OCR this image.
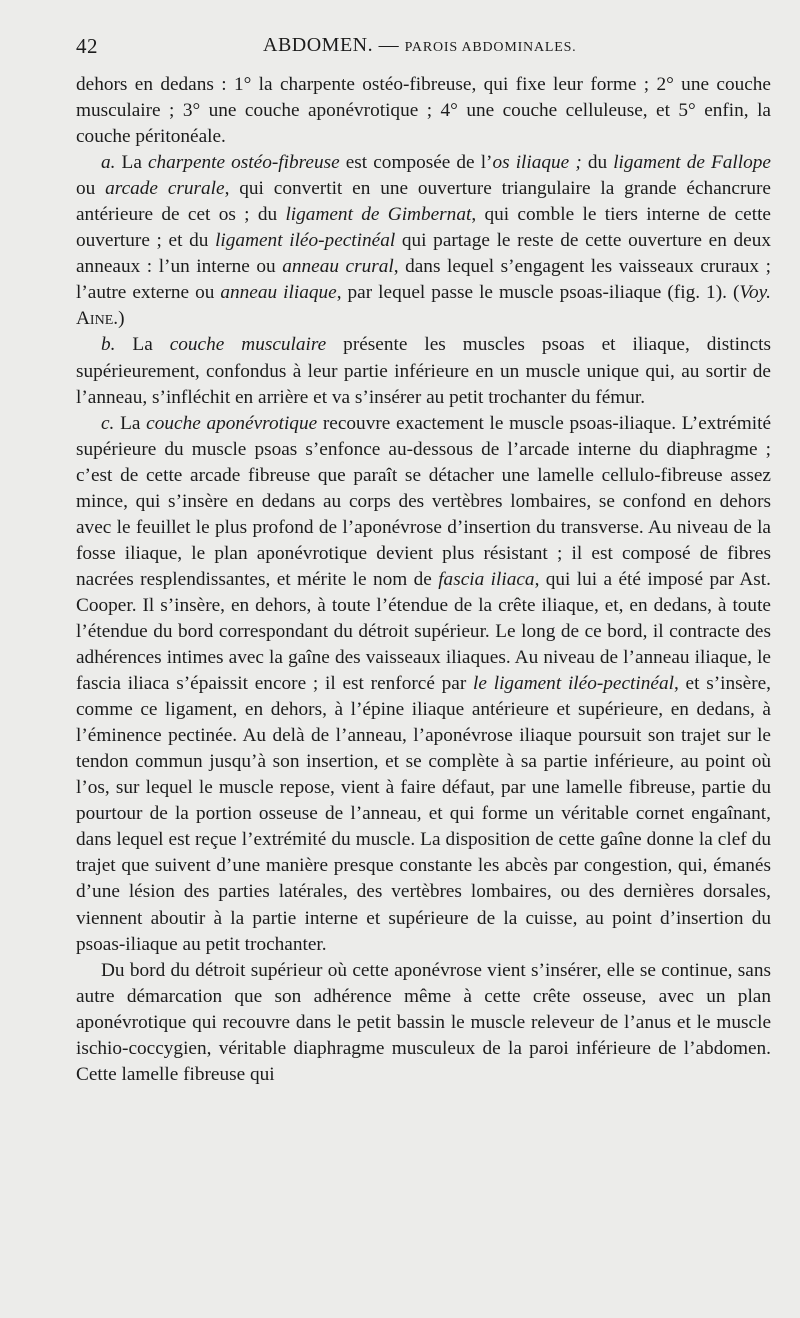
42	ABDOMEN. — PAROIS ABDOMINALES.

dehors en dedans : 1° la charpente ostéo-fibreuse, qui fixe leur forme ; 2° une couche musculaire ; 3° une couche aponévrotique ; 4° une couche celluleuse, et 5° enfin, la couche péritonéale.

a. La charpente ostéo-fibreuse est composée de l’os iliaque ; du ligament de Fallope ou arcade crurale, qui convertit en une ouverture triangulaire la grande échancrure antérieure de cet os ; du ligament de Gimbernat, qui comble le tiers interne de cette ouverture ; et du ligament iléo-pectinéal qui partage le reste de cette ouverture en deux anneaux : l’un interne ou anneau crural, dans lequel s’engagent les vaisseaux cruraux ; l’autre externe ou anneau iliaque, par lequel passe le muscle psoas-iliaque (fig. 1). (Voy. Aine.)

b. La couche musculaire présente les muscles psoas et iliaque, distincts supérieurement, confondus à leur partie inférieure en un muscle unique qui, au sortir de l’anneau, s’infléchit en arrière et va s’insérer au petit trochanter du fémur.

c. La couche aponévrotique recouvre exactement le muscle psoas-iliaque. L’extrémité supérieure du muscle psoas s’enfonce au-dessous de l’arcade interne du diaphragme ; c’est de cette arcade fibreuse que paraît se détacher une lamelle cellulo-fibreuse assez mince, qui s’insère en dedans au corps des vertèbres lombaires, se confond en dehors avec le feuillet le plus profond de l’aponévrose d’insertion du transverse. Au niveau de la fosse iliaque, le plan aponévrotique devient plus résistant ; il est composé de fibres nacrées resplendissantes, et mérite le nom de fascia iliaca, qui lui a été imposé par Ast. Cooper. Il s’insère, en dehors, à toute l’étendue de la crête iliaque, et, en dedans, à toute l’étendue du bord correspondant du détroit supérieur. Le long de ce bord, il contracte des adhérences intimes avec la gaîne des vaisseaux iliaques. Au niveau de l’anneau iliaque, le fascia iliaca s’épaissit encore ; il est renforcé par le ligament iléo-pectinéal, et s’insère, comme ce ligament, en dehors, à l’épine iliaque antérieure et supérieure, en dedans, à l’éminence pectinée. Au delà de l’anneau, l’aponévrose iliaque poursuit son trajet sur le tendon commun jusqu’à son insertion, et se complète à sa partie inférieure, au point où l’os, sur lequel le muscle repose, vient à faire défaut, par une lamelle fibreuse, partie du pourtour de la portion osseuse de l’anneau, et qui forme un véritable cornet engaînant, dans lequel est reçue l’extrémité du muscle. La disposition de cette gaîne donne la clef du trajet que suivent d’une manière presque constante les abcès par congestion, qui, émanés d’une lésion des parties latérales, des vertèbres lombaires, ou des dernières dorsales, viennent aboutir à la partie interne et supérieure de la cuisse, au point d’insertion du psoas-iliaque au petit trochanter.

Du bord du détroit supérieur où cette aponévrose vient s’insérer, elle se continue, sans autre démarcation que son adhérence même à cette crête osseuse, avec un plan aponévrotique qui recouvre dans le petit bassin le muscle releveur de l’anus et le muscle ischio-coccygien, véritable diaphragme musculeux de la paroi inférieure de l’abdomen. Cette lamelle fibreuse qui
